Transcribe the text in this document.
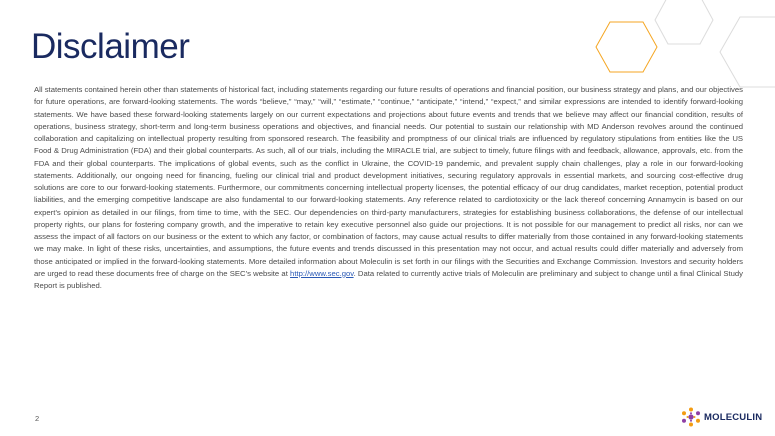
Disclaimer

All statements contained herein other than statements of historical fact, including statements regarding our future results of operations and financial position, our business strategy and plans, and our objectives for future operations, are forward-looking statements. The words “believe,” “may,” “will,” “estimate,” “continue,” “anticipate,” “intend,” “expect,” and similar expressions are intended to identify forward-looking statements. We have based these forward-looking statements largely on our current expectations and projections about future events and trends that we believe may affect our financial condition, results of operations, business strategy, short-term and long-term business operations and objectives, and financial needs. Our potential to sustain our relationship with MD Anderson revolves around the continued collaboration and capitalizing on intellectual property resulting from sponsored research. The feasibility and promptness of our clinical trials are influenced by regulatory stipulations from entities like the US Food & Drug Administration (FDA) and their global counterparts. As such, all of our trials, including the MIRACLE trial, are subject to timely, future filings with and feedback, allowance, approvals, etc. from the FDA and their global counterparts. The implications of global events, such as the conflict in Ukraine, the COVID-19 pandemic, and prevalent supply chain challenges, play a role in our forward-looking statements. Additionally, our ongoing need for financing, fueling our clinical trial and product development initiatives, securing regulatory approvals in essential markets, and sourcing cost-effective drug solutions are core to our forward-looking statements. Furthermore, our commitments concerning intellectual property licenses, the potential efficacy of our drug candidates, market reception, potential product liabilities, and the emerging competitive landscape are also fundamental to our forward-looking statements. Any reference related to cardiotoxicity or the lack thereof concerning Annamycin is based on our expert’s opinion as detailed in our filings, from time to time, with the SEC. Our dependencies on third-party manufacturers, strategies for establishing business collaborations, the defense of our intellectual property rights, our plans for fostering company growth, and the imperative to retain key executive personnel also guide our projections. It is not possible for our management to predict all risks, nor can we assess the impact of all factors on our business or the extent to which any factor, or combination of factors, may cause actual results to differ materially from those contained in any forward-looking statements we may make. In light of these risks, uncertainties, and assumptions, the future events and trends discussed in this presentation may not occur, and actual results could differ materially and adversely from those anticipated or implied in the forward-looking statements. More detailed information about Moleculin is set forth in our filings with the Securities and Exchange Commission. Investors and security holders are urged to read these documents free of charge on the SEC’s website at http://www.sec.gov. Data related to currently active trials of Moleculin are preliminary and subject to change until a final Clinical Study Report is published.

2	MOLECULIN
